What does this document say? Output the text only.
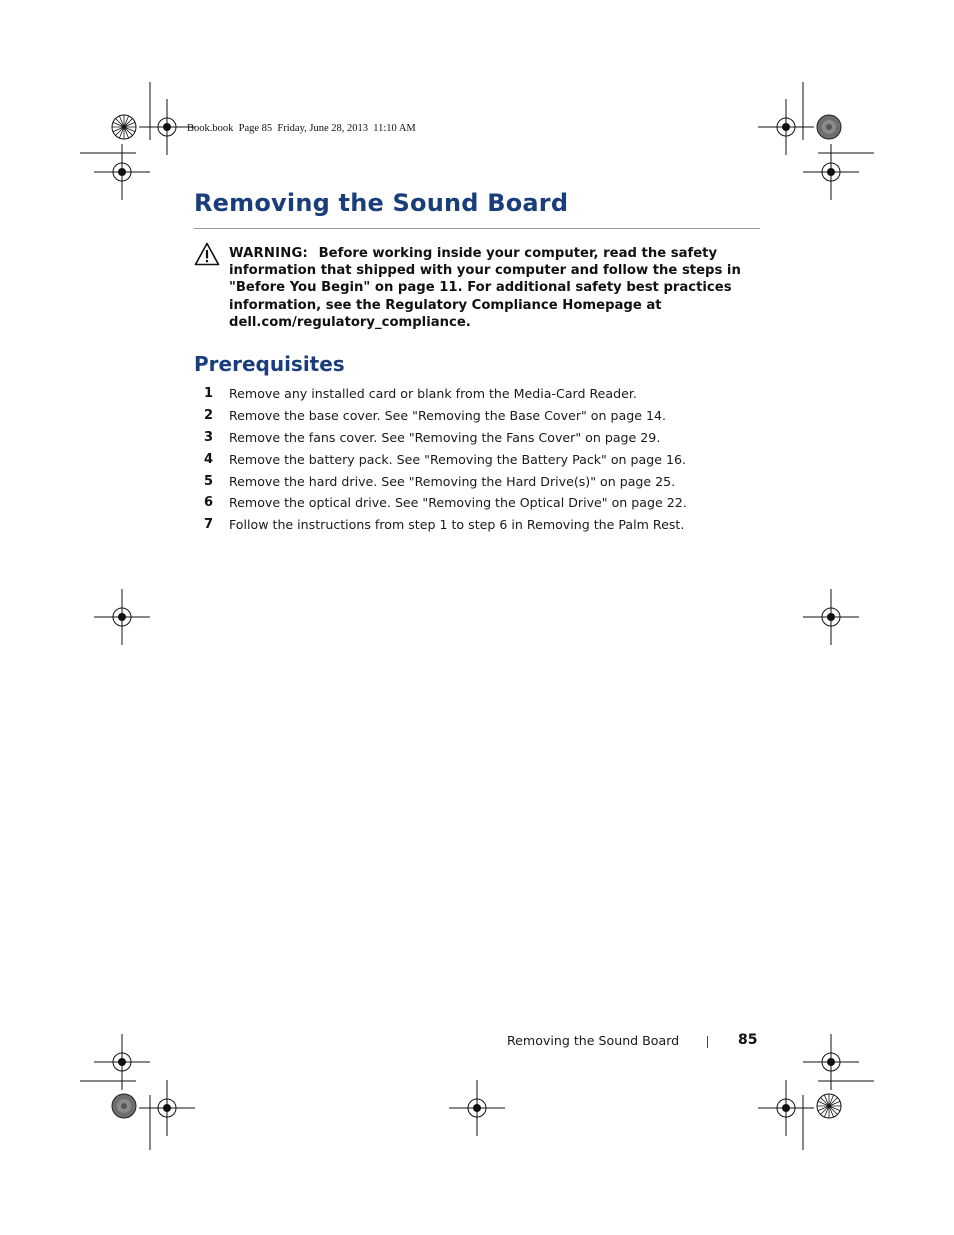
Book.book  Page 85  Friday, June 28, 2013  11:10 AM
Removing the Sound Board
WARNING: Before working inside your computer, read the safety information that shipped with your computer and follow the steps in "Before You Begin" on page 11. For additional safety best practices information, see the Regulatory Compliance Homepage at dell.com/regulatory_compliance.
Prerequisites
1 Remove any installed card or blank from the Media-Card Reader.
2 Remove the base cover. See "Removing the Base Cover" on page 14.
3 Remove the fans cover. See "Removing the Fans Cover" on page 29.
4 Remove the battery pack. See "Removing the Battery Pack" on page 16.
5 Remove the hard drive. See "Removing the Hard Drive(s)" on page 25.
6 Remove the optical drive. See "Removing the Optical Drive" on page 22.
7 Follow the instructions from step 1 to step 6 in Removing the Palm Rest.
Removing the Sound Board	85
